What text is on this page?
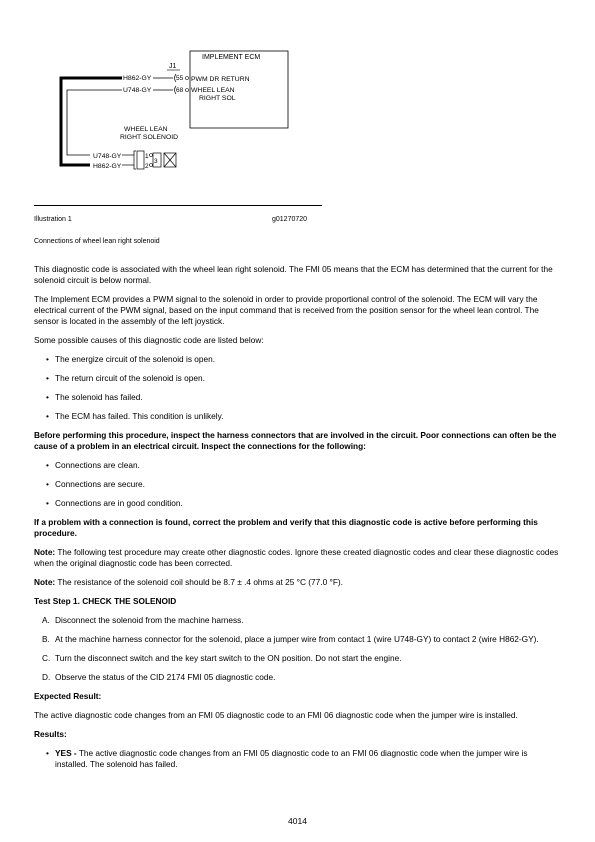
IMPLEMENT ECM
J1
H862-GY
U748-GY
55
68
PWM DR RETURN
WHEEL LEAN
RIGHT SOL
WHEEL LEAN
RIGHT SOLENOID
U748-GY
H862-GY
1
2
3
Illustration 1	g01270720
Connections of wheel lean right solenoid

This diagnostic code is associated with the wheel lean right solenoid. The FMI 05 means that the ECM has determined that the current for the solenoid circuit is below normal.

The Implement ECM provides a PWM signal to the solenoid in order to provide proportional control of the solenoid. The ECM will vary the electrical current of the PWM signal, based on the input command that is received from the position sensor for the wheel lean control. The sensor is located in the assembly of the left joystick.

Some possible causes of this diagnostic code are listed below:

• The energize circuit of the solenoid is open.
• The return circuit of the solenoid is open.
• The solenoid has failed.
• The ECM has failed. This condition is unlikely.

Before performing this procedure, inspect the harness connectors that are involved in the circuit. Poor connections can often be the cause of a problem in an electrical circuit. Inspect the connections for the following:

• Connections are clean.
• Connections are secure.
• Connections are in good condition.

If a problem with a connection is found, correct the problem and verify that this diagnostic code is active before performing this procedure.

Note: The following test procedure may create other diagnostic codes. Ignore these created diagnostic codes and clear these diagnostic codes when the original diagnostic code has been corrected.

Note: The resistance of the solenoid coil should be 8.7 ± .4 ohms at 25 °C (77.0 °F).

Test Step 1. CHECK THE SOLENOID

A. Disconnect the solenoid from the machine harness.
B. At the machine harness connector for the solenoid, place a jumper wire from contact 1 (wire U748-GY) to contact 2 (wire H862-GY).
C. Turn the disconnect switch and the key start switch to the ON position. Do not start the engine.
D. Observe the status of the CID 2174 FMI 05 diagnostic code.

Expected Result:

The active diagnostic code changes from an FMI 05 diagnostic code to an FMI 06 diagnostic code when the jumper wire is installed.

Results:

• YES - The active diagnostic code changes from an FMI 05 diagnostic code to an FMI 06 diagnostic code when the jumper wire is installed. The solenoid has failed.
4014
